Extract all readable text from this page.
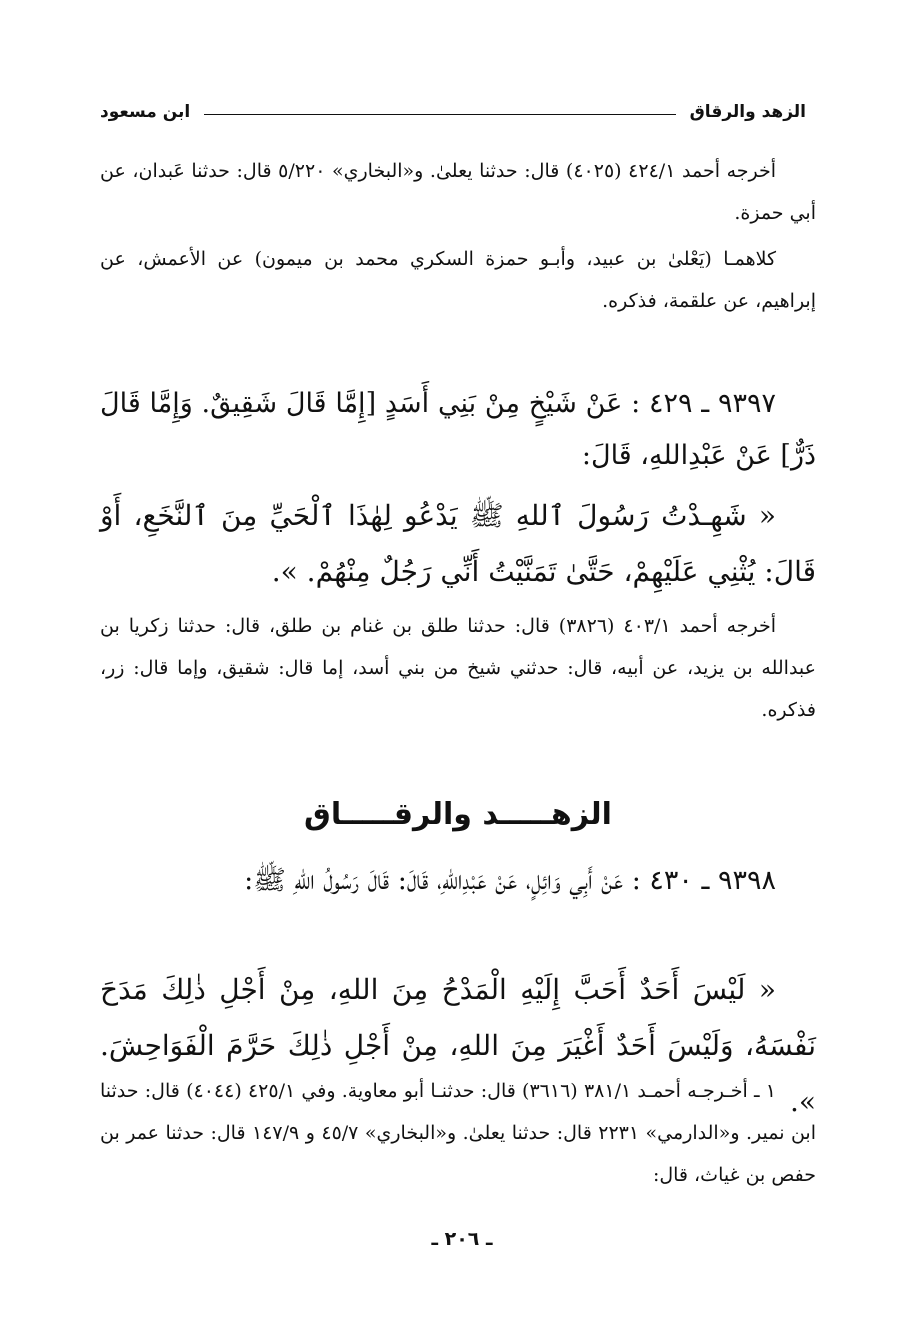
الزهد والرقاق
ابن مسعود

أخرجه أحمد ٤٢٤/١ (٤٠٢٥) قال: حدثنا يعلىٰ. و«البخاري» ٥/٢٢٠ قال: حدثنا عَبدان، عن أبي حمزة.

كلاهمـا (يَعْلىٰ بن عبيد، وأبـو حمزة السكري محمد بن ميمون) عن الأعمش، عن إبراهيم، عن علقمة، فذكره.

٩٣٩٧ ـ ٤٢٩ : عَنْ شَيْخٍ مِنْ بَنِي أَسَدٍ [إِمَّا قَالَ شَقِيقٌ. وَإِمَّا قَالَ ذَرٌّ] عَنْ عَبْدِاللهِ، قَالَ:

« شَهِـدْتُ رَسُولَ ٱللهِ ﷺ يَدْعُو لِهٰذَا ٱلْحَيِّ مِنَ ٱلنَّخَعِ، أَوْ قَالَ: يُثْنِي عَلَيْهِمْ، حَتَّىٰ تَمَنَّيْتُ أَنِّي رَجُلٌ مِنْهُمْ. ».

أخرجه أحمد ٤٠٣/١ (٣٨٢٦) قال: حدثنا طلق بن غنام بن طلق، قال: حدثنا زكريا بن عبدالله بن يزيد، عن أبيه، قال: حدثني شيخ من بني أسد، إما قال: شقيق، وإما قال: زر، فذكره.

الزهـــــد والرقـــــاق

٩٣٩٨ ـ ٤٣٠ : عَنْ أَبِي وَائِلٍ، عَنْ عَبْدِاللهِ، قَالَ: قَالَ رَسُولُ اللهِ ﷺ:

« لَيْسَ أَحَدٌ أَحَبَّ إِلَيْهِ الْمَدْحُ مِنَ اللهِ، مِنْ أَجْلِ ذٰلِكَ مَدَحَ نَفْسَهُ، وَلَيْسَ أَحَدٌ أَغْيَرَ مِنَ اللهِ، مِنْ أَجْلِ ذٰلِكَ حَرَّمَ الْفَوَاحِشَ. ».

١ ـ أخـرجـه أحمـد ٣٨١/١ (٣٦١٦) قال: حدثنـا أبو معاوية. وفي ٤٢٥/١ (٤٠٤٤) قال: حدثنا ابن نمير. و«الدارمي» ٢٢٣١ قال: حدثنا يعلىٰ. و«البخاري» ٤٥/٧ و ١٤٧/٩ قال: حدثنا عمر بن حفص بن غياث، قال:

ـ ٢٠٦ ـ
